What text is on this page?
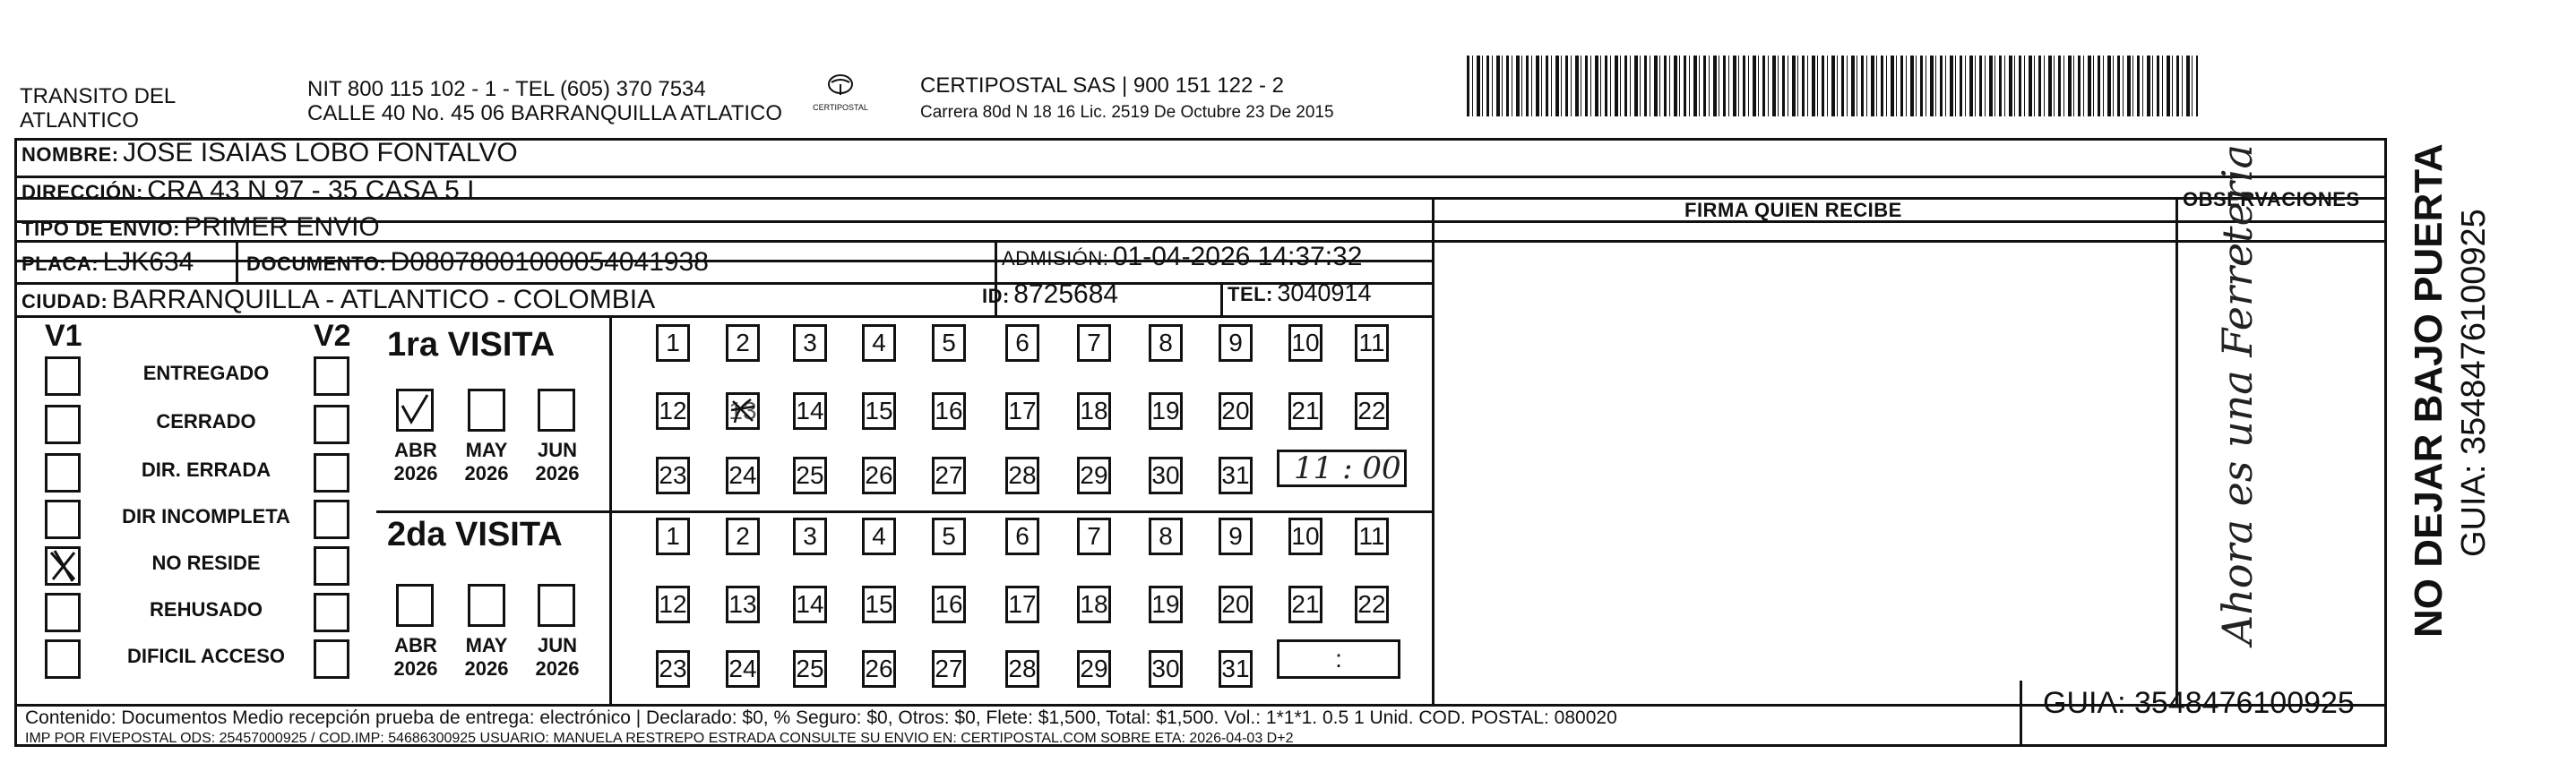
TRANSITO DEL
ATLANTICO
NIT 800 115 102 - 1 - TEL (605) 370 7534
CALLE 40 No. 45 06 BARRANQUILLA ATLATICO	CERTIPOSTAL
CERTIPOSTAL SAS | 900 151 122 - 2
Carrera 80d N 18 16 Lic. 2519 De Octubre 23 De 2015
NOMBRE: JOSE ISAIAS LOBO FONTALVO
DIRECCIÓN: CRA 43 N 97 - 35 CASA 5 I
TIPO DE ENVIO: PRIMER ENVIO
FIRMA QUIEN RECIBE	OBSERVACIONES
PLACA: LJK634	DOCUMENTO: D08078001000054041938	ADMISIÓN: 01-04-2026 14:37:32
CIUDAD: BARRANQUILLA - ATLANTICO - COLOMBIA	ID: 8725684	TEL: 3040914
V1	V2
ENTREGADO
CERRADO
DIR. ERRADA
DIR INCOMPLETA
NO RESIDE
REHUSADO
DIFICIL ACCESO
1ra VISITA
ABR
2026
MAY
2026
JUN
2026
1	2	3	4	5	6	7	8	9	10 11
12 13 14 15 16 17 18 19 20 21 22
23 24 25 26 27 28 29 30 31 11 : 00
2da VISITA
ABR
2026
MAY
2026
JUN
2026
1	2	3	4	5	6	7	8	9	10 11
12 13 14 15 16 17 18 19 20 21 22
23 24 25 26 27 28 29 30 31	:
Ahora es una Ferreteria	NO DEJAR BAJO PUERTA GUIA: 3548476100925
Contenido: Documentos Medio recepción prueba de entrega: electrónico | Declarado: $0, % Seguro: $0, Otros: $0, Flete: $1,500, Total: $1,500. Vol.: 1*1*1. 0.5 1 Unid. COD. POSTAL: 080020
IMP POR FIVEPOSTAL ODS: 25457000925 / COD.IMP: 54686300925 USUARIO: MANUELA RESTREPO ESTRADA CONSULTE SU ENVIO EN: CERTIPOSTAL.COM SOBRE ETA: 2026-04-03 D+2
GUIA: 3548476100925
